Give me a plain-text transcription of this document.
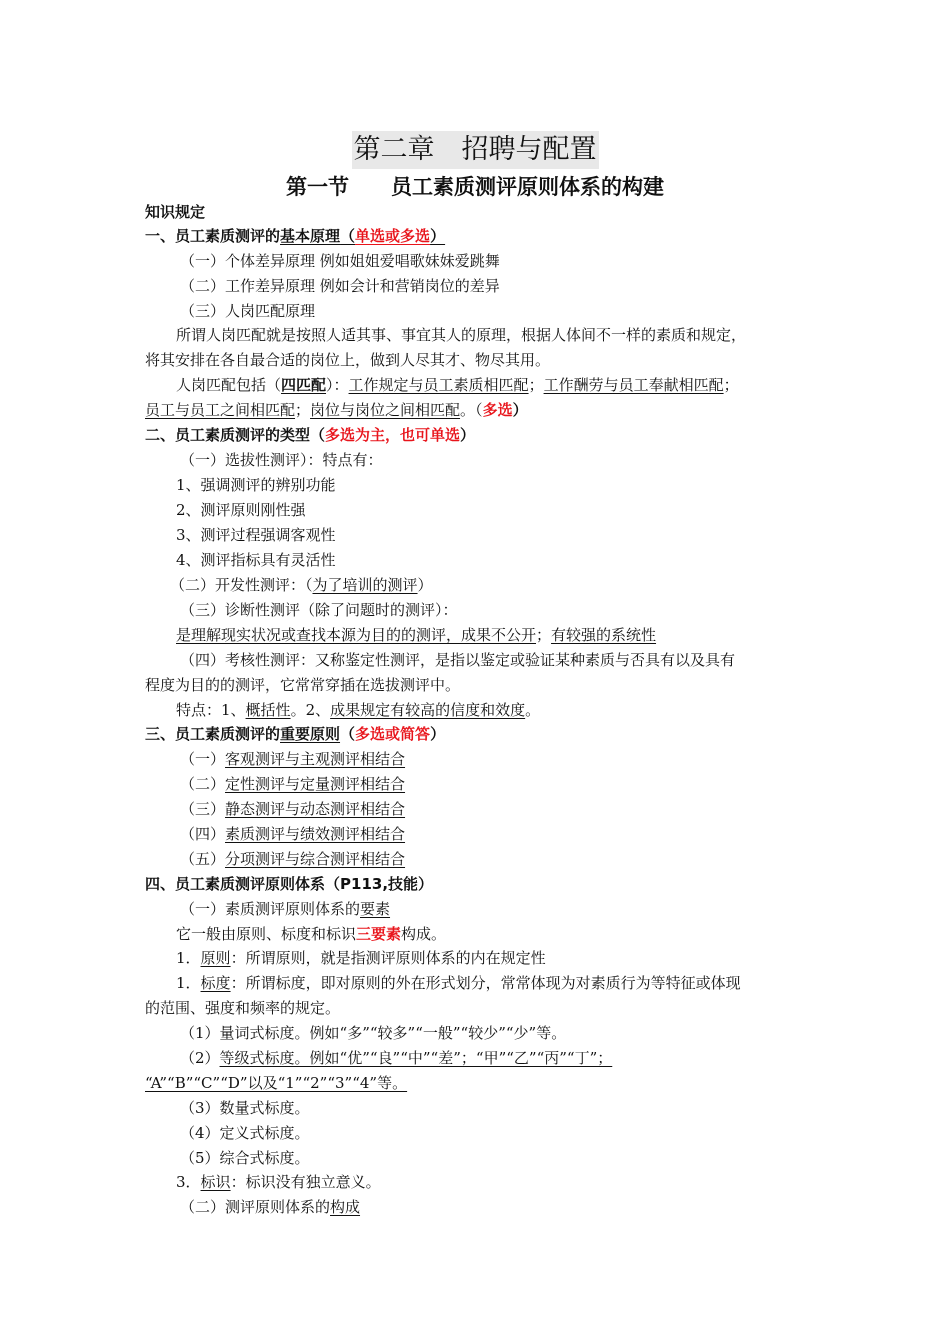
第二章　招聘与配置
第一节　　员工素质测评原则体系的构建
知识规定
一、员工素质测评的基本原理（单选或多选）
（一）个体差异原理 例如姐姐爱唱歌妹妹爱跳舞
（二）工作差异原理 例如会计和营销岗位的差异
（三）人岗匹配原理
所谓人岗匹配就是按照人适其事、事宜其人的原理，根据人体间不一样的素质和规定，
将其安排在各自最合适的岗位上，做到人尽其才、物尽其用。
人岗匹配包括（四匹配）：工作规定与员工素质相匹配；工作酬劳与员工奉献相匹配；
员工与员工之间相匹配；岗位与岗位之间相匹配。（多选）
二、员工素质测评的类型（多选为主，也可单选）
（一）选拔性测评）：特点有：
1、强调测评的辨别功能
2、测评原则刚性强
3、测评过程强调客观性
4、测评指标具有灵活性
（二）开发性测评：（为了培训的测评）
（三）诊断性测评（除了问题时的测评）：
是理解现实状况或查找本源为目的的测评，成果不公开；有较强的系统性
（四）考核性测评：又称鉴定性测评，是指以鉴定或验证某种素质与否具有以及具有
程度为目的的测评，它常常穿插在选拔测评中。
特点：1、概括性。2、成果规定有较高的信度和效度。
三、员工素质测评的重要原则（多选或简答）
（一）客观测评与主观测评相结合
（二）定性测评与定量测评相结合
（三）静态测评与动态测评相结合
（四）素质测评与绩效测评相结合
（五）分项测评与综合测评相结合
四、员工素质测评原则体系（P113,技能）
（一）素质测评原则体系的要素
它一般由原则、标度和标识三要素构成。
1．原则：所谓原则，就是指测评原则体系的内在规定性
1．标度：所谓标度，即对原则的外在形式划分，常常体现为对素质行为等特征或体现
的范围、强度和频率的规定。
（1）量词式标度。例如“多”“较多”“一般”“较少”“少”等。
（2）等级式标度。例如“优”“良”“中”“差”；“甲”“乙”“丙”“丁”；
“A”“B”“C”“D”以及“1”“2”“3”“4”等。
（3）数量式标度。
（4）定义式标度。
（5）综合式标度。
3．标识：标识没有独立意义。
（二）测评原则体系的构成
